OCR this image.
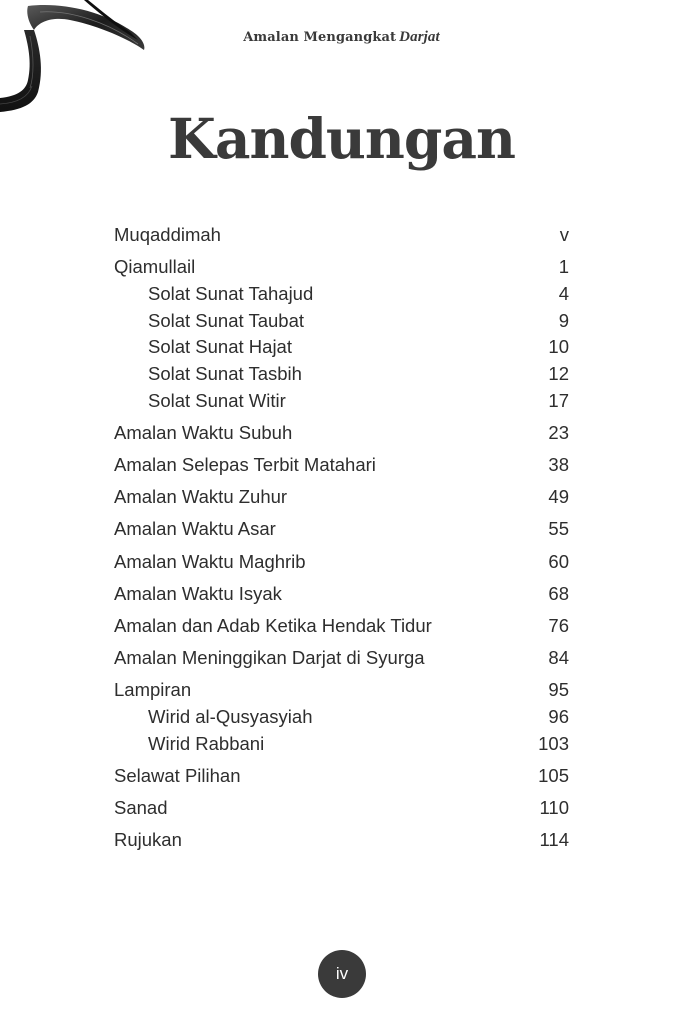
Amalan Mengangkat Darjat
Kandungan
Muqaddimah	v
Qiamullail	1
Solat Sunat Tahajud	4
Solat Sunat Taubat	9
Solat Sunat Hajat	10
Solat Sunat Tasbih	12
Solat Sunat Witir	17
Amalan Waktu Subuh	23
Amalan Selepas Terbit Matahari	38
Amalan Waktu Zuhur	49
Amalan Waktu Asar	55
Amalan Waktu Maghrib	60
Amalan Waktu Isyak	68
Amalan dan Adab Ketika Hendak Tidur	76
Amalan Meninggikan Darjat di Syurga	84
Lampiran	95
Wirid al-Qusyasyiah	96
Wirid Rabbani	103
Selawat Pilihan	105
Sanad	110
Rujukan	114
iv
